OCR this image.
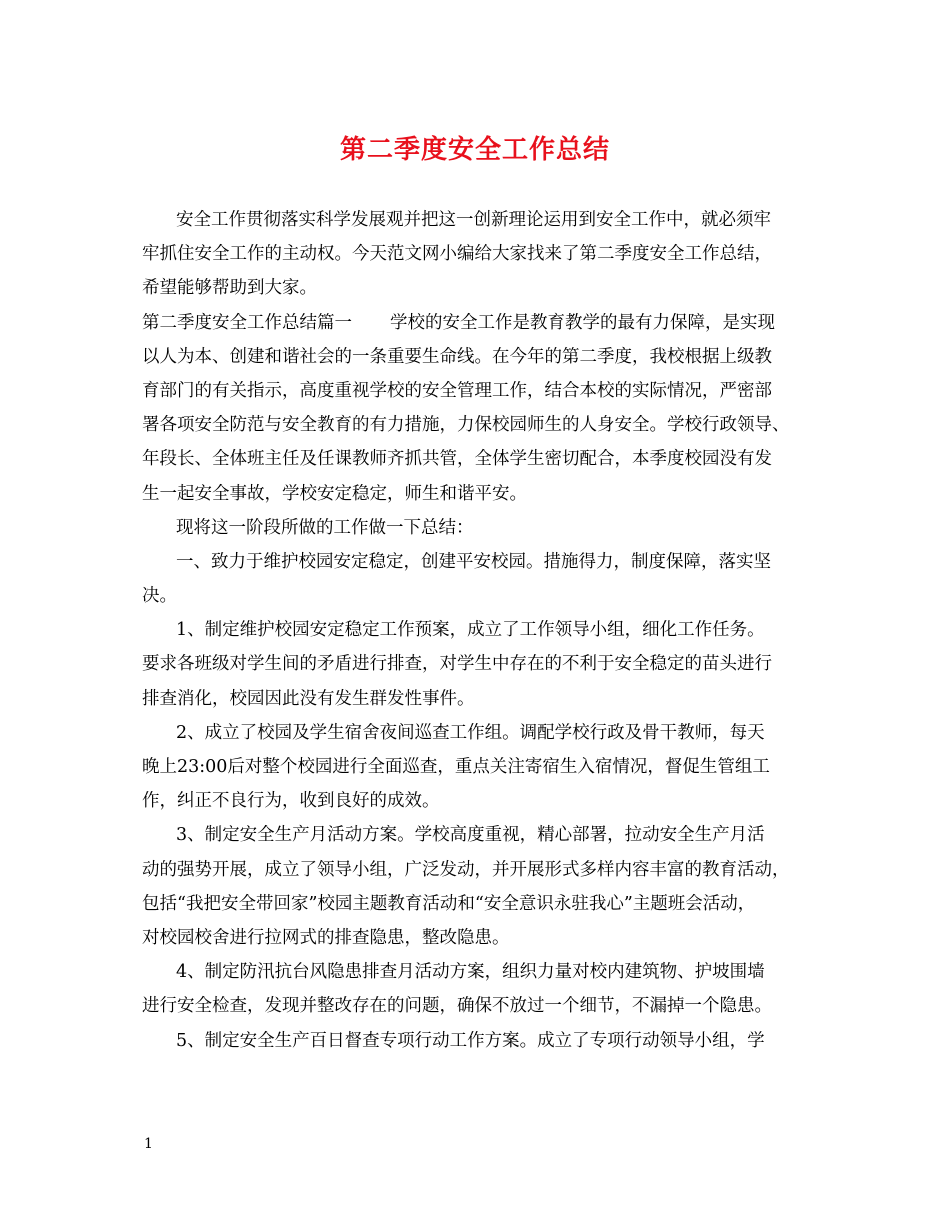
第二季度安全工作总结
安全工作贯彻落实科学发展观并把这一创新理论运用到安全工作中，就必须牢
牢抓住安全工作的主动权。今天范文网小编给大家找来了第二季度安全工作总结，
希望能够帮助到大家。
第二季度安全工作总结篇一 学校的安全工作是教育教学的最有力保障，是实现
以人为本、创建和谐社会的一条重要生命线。在今年的第二季度，我校根据上级教
育部门的有关指示，高度重视学校的安全管理工作，结合本校的实际情况，严密部
署各项安全防范与安全教育的有力措施，力保校园师生的人身安全。学校行政领导、
年段长、全体班主任及任课教师齐抓共管，全体学生密切配合，本季度校园没有发
生一起安全事故，学校安定稳定，师生和谐平安。
现将这一阶段所做的工作做一下总结：
一、致力于维护校园安定稳定，创建平安校园。措施得力，制度保障，落实坚
决。
1、制定维护校园安定稳定工作预案，成立了工作领导小组，细化工作任务。
要求各班级对学生间的矛盾进行排查，对学生中存在的不利于安全稳定的苗头进行
排查消化，校园因此没有发生群发性事件。
2、成立了校园及学生宿舍夜间巡查工作组。调配学校行政及骨干教师，每天
晚上23:00后对整个校园进行全面巡查，重点关注寄宿生入宿情况，督促生管组工
作，纠正不良行为，收到良好的成效。
3、制定安全生产月活动方案。学校高度重视，精心部署，拉动安全生产月活
动的强势开展，成立了领导小组，广泛发动，并开展形式多样内容丰富的教育活动，
包括“我把安全带回家”校园主题教育活动和“安全意识永驻我心”主题班会活动，
对校园校舍进行拉网式的排查隐患，整改隐患。
4、制定防汛抗台风隐患排查月活动方案，组织力量对校内建筑物、护坡围墙
进行安全检查，发现并整改存在的问题，确保不放过一个细节，不漏掉一个隐患。
5、制定安全生产百日督查专项行动工作方案。成立了专项行动领导小组，学
1
